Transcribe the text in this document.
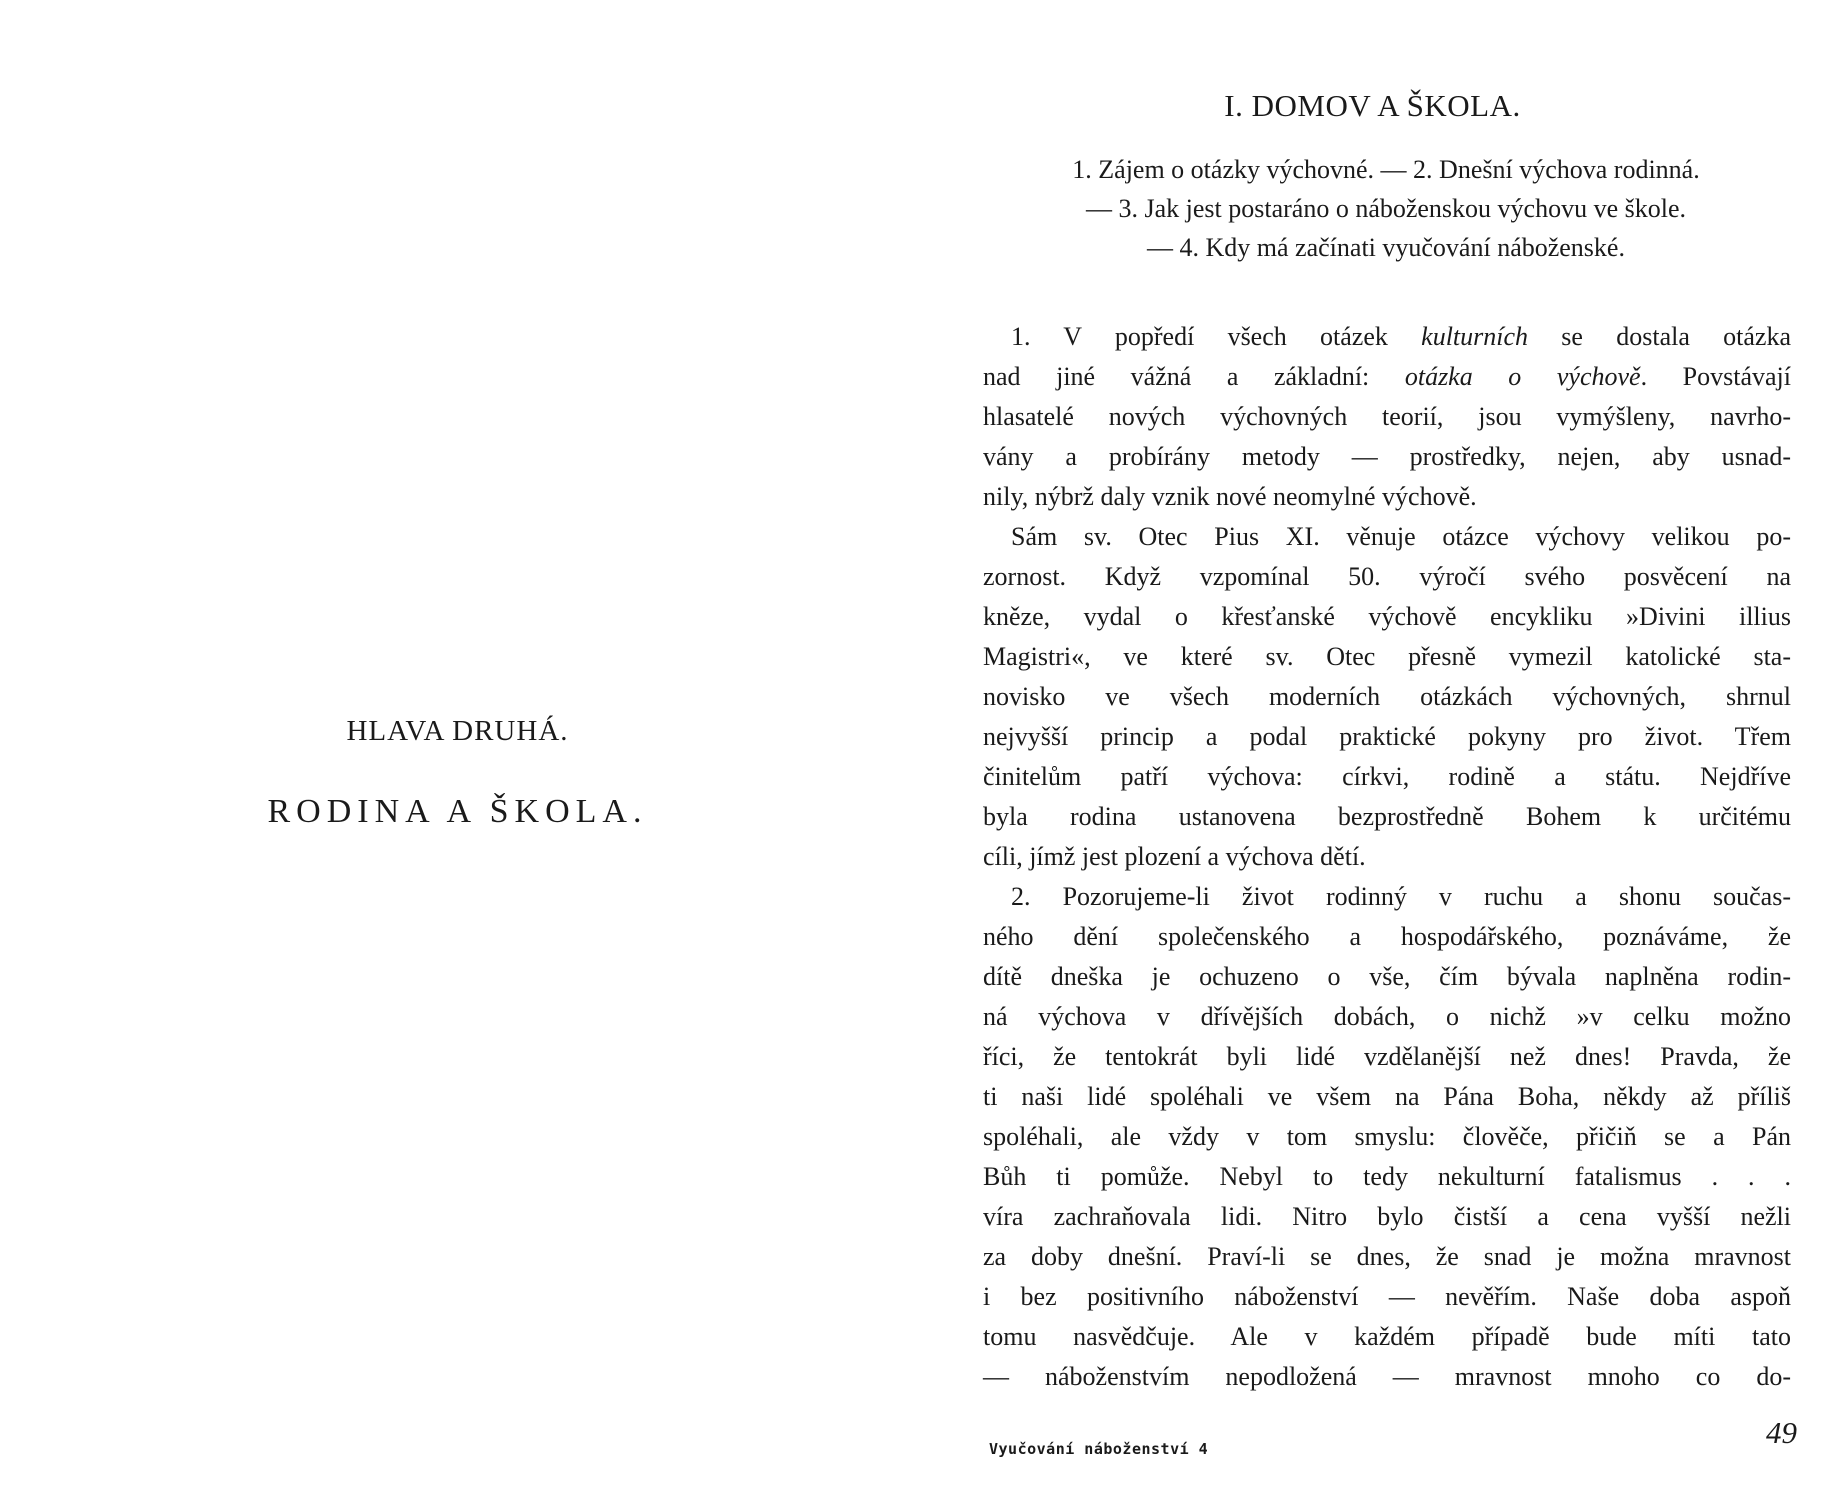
HLAVA DRUHÁ.
RODINA A ŠKOLA.
I. DOMOV A ŠKOLA.
1. Zájem o otázky výchovné. — 2. Dnešní výchova rodinná.
— 3. Jak jest postaráno o náboženskou výchovu ve škole.
— 4. Kdy má začínati vyučování náboženské.
1. V popředí všech otázek kulturních se dostala otázka
nad jiné vážná a základní: otázka o výchově. Povstávají
hlasatelé nových výchovných teorií, jsou vymýšleny, navrho-
vány a probírány metody — prostředky, nejen, aby usnad-
nily, nýbrž daly vznik nové neomylné výchově.
Sám sv. Otec Pius XI. věnuje otázce výchovy velikou po-
zornost. Když vzpomínal 50. výročí svého posvěcení na
kněze, vydal o křesťanské výchově encykliku »Divini illius
Magistri«, ve které sv. Otec přesně vymezil katolické sta-
novisko ve všech moderních otázkách výchovných, shrnul
nejvyšší princip a podal praktické pokyny pro život. Třem
činitelům patří výchova: církvi, rodině a státu. Nejdříve
byla rodina ustanovena bezprostředně Bohem k určitému
cíli, jímž jest plození a výchova dětí.
2. Pozorujeme-li život rodinný v ruchu a shonu součas-
ného dění společenského a hospodářského, poznáváme, že
dítě dneška je ochuzeno o vše, čím bývala naplněna rodin-
ná výchova v dřívějších dobách, o nichž »v celku možno
říci, že tentokrát byli lidé vzdělanější než dnes! Pravda, že
ti naši lidé spoléhali ve všem na Pána Boha, někdy až příliš
spoléhali, ale vždy v tom smyslu: člověče, přičiň se a Pán
Bůh ti pomůže. Nebyl to tedy nekulturní fatalismus . . .
víra zachraňovala lidi. Nitro bylo čistší a cena vyšší nežli
za doby dnešní. Praví-li se dnes, že snad je možna mravnost
i bez positivního náboženství — nevěřím. Naše doba aspoň
tomu nasvědčuje. Ale v každém případě bude míti tato
— náboženstvím nepodložená — mravnost mnoho co do-
Vyučování náboženství 4	49
